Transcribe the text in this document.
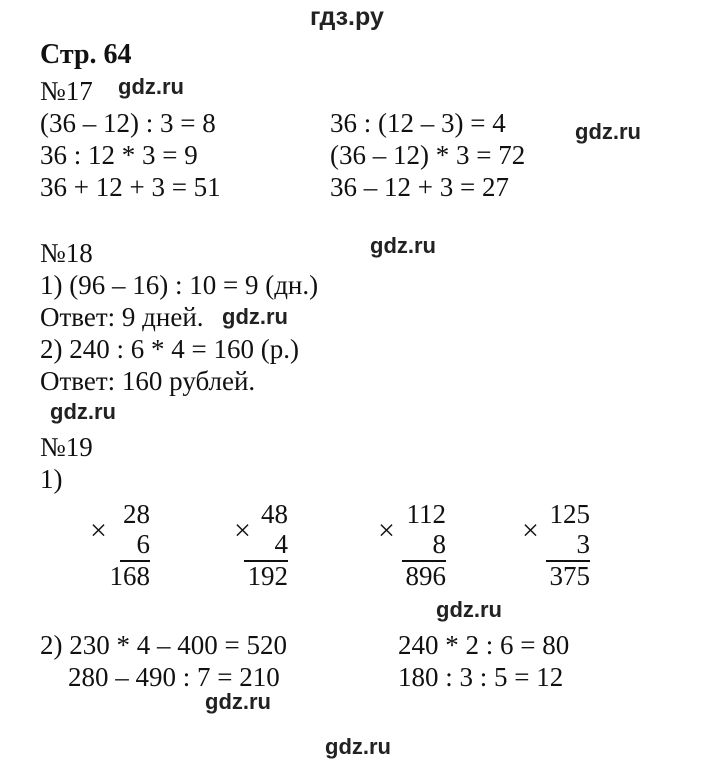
гдз.ру
Стр. 64
№17 gdz.ru
(36 – 12) : 3 = 8
36 : 12 * 3 = 9
36 + 12 + 3 = 51
36 : (12 – 3) = 4
(36 – 12) * 3 = 72
36 – 12 + 3 = 27
gdz.ru
№18	gdz.ru
1) (96 – 16) : 10 = 9 (дн.)
Ответ: 9 дней. gdz.ru
2) 240 : 6 * 4 = 160 (р.)
Ответ: 160 рублей.
gdz.ru
№19
1)
× 28
6
168
× 48
4
192
× 112
8
896
× 125
3
375
gdz.ru
2) 230 * 4 – 400 = 520
280 – 490 : 7 = 210
240 * 2 : 6 = 80
180 : 3 : 5 = 12
gdz.ru
gdz.ru
